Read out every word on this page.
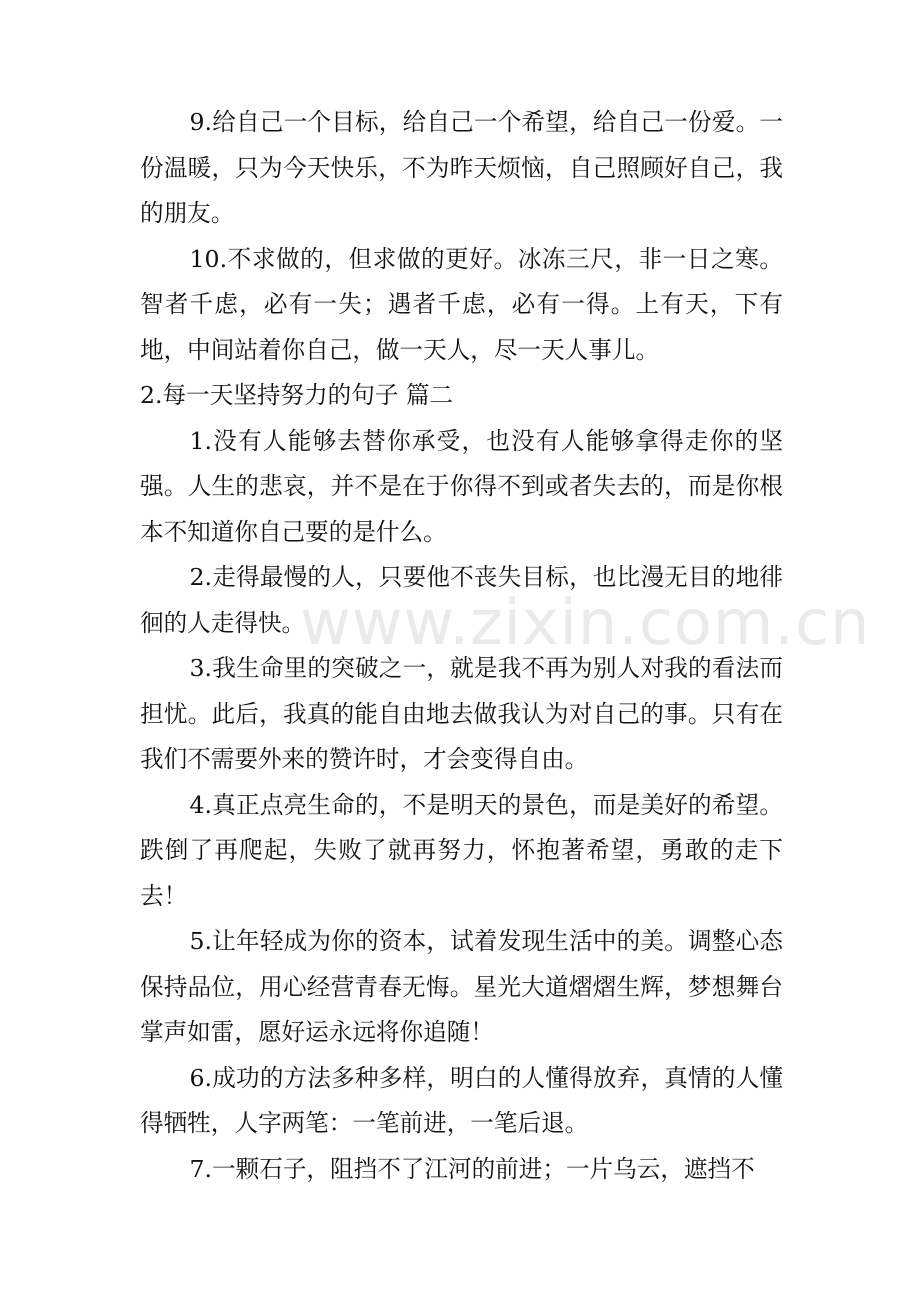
9.给自己一个目标，给自己一个希望，给自己一份爱。一份温暖，只为今天快乐，不为昨天烦恼，自己照顾好自己，我的朋友。

10.不求做的，但求做的更好。冰冻三尺，非一日之寒。智者千虑，必有一失；遇者千虑，必有一得。上有天，下有地，中间站着你自己，做一天人，尽一天人事儿。

2.每一天坚持努力的句子 篇二

1.没有人能够去替你承受，也没有人能够拿得走你的坚强。人生的悲哀，并不是在于你得不到或者失去的，而是你根本不知道你自己要的是什么。

2.走得最慢的人，只要他不丧失目标，也比漫无目的地徘徊的人走得快。

3.我生命里的突破之一，就是我不再为别人对我的看法而担忧。此后，我真的能自由地去做我认为对自己的事。只有在我们不需要外来的赞许时，才会变得自由。

4.真正点亮生命的，不是明天的景色，而是美好的希望。跌倒了再爬起，失败了就再努力，怀抱著希望，勇敢的走下去！

5.让年轻成为你的资本，试着发现生活中的美。调整心态保持品位，用心经营青春无悔。星光大道熠熠生辉，梦想舞台掌声如雷，愿好运永远将你追随！

6.成功的方法多种多样，明白的人懂得放弃，真情的人懂得牺牲，人字两笔：一笔前进，一笔后退。

7.一颗石子，阻挡不了江河的前进；一片乌云，遮挡不

www.zixin.com.cn
